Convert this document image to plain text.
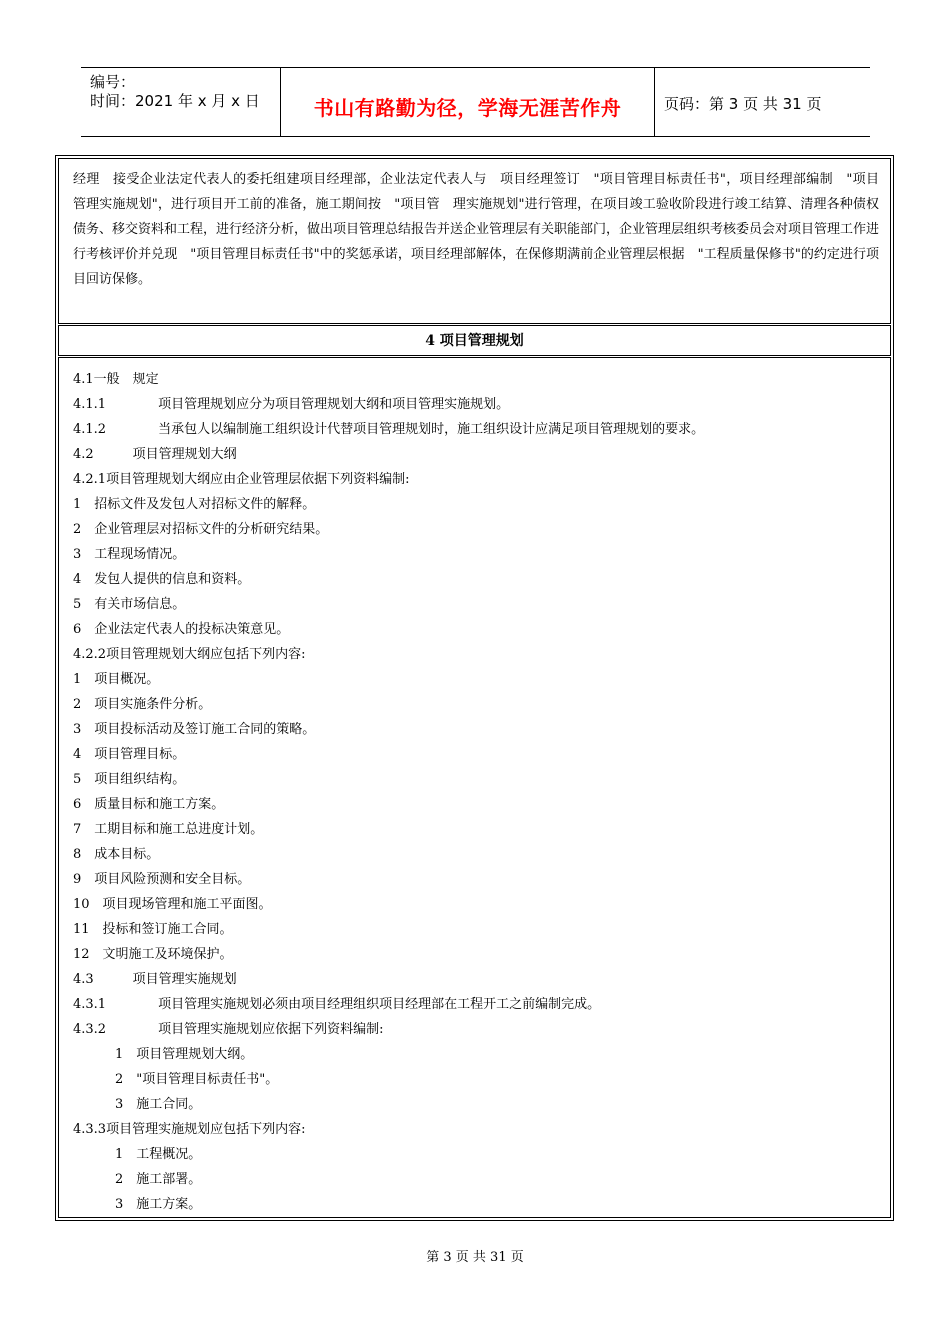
编号：
时间：2021 年 x 月 x 日	书山有路勤为径，学海无涯苦作舟	页码：第 3 页 共 31 页
经理　接受企业法定代表人的委托组建项目经理部，企业法定代表人与　项目经理签订　"项目管理目标责任书"，项目经理部编制　"项目　管理实施规划"，进行项目开工前的准备，施工期间按　"项目管　理实施规划"进行管理，在项目竣工验收阶段进行竣工结算、清理各种债权债务、移交资料和工程，进行经济分析，做出项目管理总结报告并送企业管理层有关职能部门，企业管理层组织考核委员会对项目管理工作进行考核评价并兑现　"项目管理目标责任书"中的奖惩承诺，项目经理部解体，在保修期满前企业管理层根据　"工程质量保修书"的约定进行项目回访保修。
4 项目管理规划
4.1一般　规定
4.1.1　　　　项目管理规划应分为项目管理规划大纲和项目管理实施规划。
4.1.2　　　　当承包人以编制施工组织设计代替项目管理规划时，施工组织设计应满足项目管理规划的要求。
4.2　　　项目管理规划大纲
4.2.1项目管理规划大纲应由企业管理层依据下列资料编制:
1　招标文件及发包人对招标文件的解释。
2　企业管理层对招标文件的分析研究结果。
3　工程现场情况。
4　发包人提供的信息和资料。
5　有关市场信息。
6　企业法定代表人的投标决策意见。
4.2.2项目管理规划大纲应包括下列内容:
1　项目概况。
2　项目实施条件分析。
3　项目投标活动及签订施工合同的策略。
4　项目管理目标。
5　项目组织结构。
6　质量目标和施工方案。
7　工期目标和施工总进度计划。
8　成本目标。
9　项目风险预测和安全目标。
10　项目现场管理和施工平面图。
11　投标和签订施工合同。
12　文明施工及环境保护。
4.3　　　项目管理实施规划
4.3.1　　　　项目管理实施规划必须由项目经理组织项目经理部在工程开工之前编制完成。
4.3.2　　　　项目管理实施规划应依据下列资料编制:
1　项目管理规划大纲。
2　"项目管理目标责任书"。
3　施工合同。
4.3.3项目管理实施规划应包括下列内容:
1　工程概况。
2　施工部署。
3　施工方案。
第 3 页 共 31 页
